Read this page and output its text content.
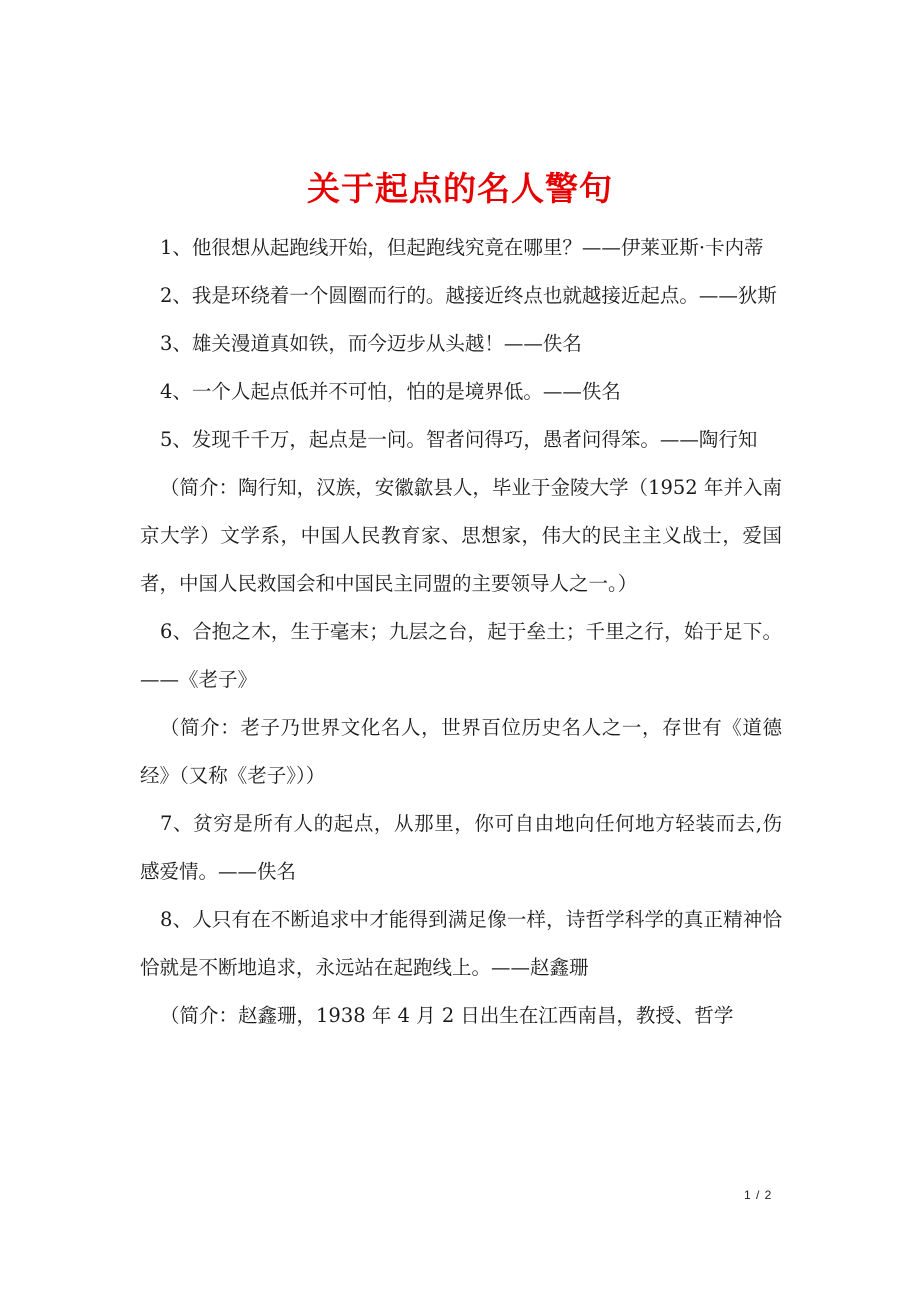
关于起点的名人警句

1、他很想从起跑线开始，但起跑线究竟在哪里？——伊莱亚斯·卡内蒂

2、我是环绕着一个圆圈而行的。越接近终点也就越接近起点。——狄斯

3、雄关漫道真如铁，而今迈步从头越！——佚名

4、一个人起点低并不可怕，怕的是境界低。——佚名

5、发现千千万，起点是一问。智者问得巧，愚者问得笨。——陶行知

（简介：陶行知，汉族，安徽歙县人，毕业于金陵大学（1952 年并入南京大学）文学系，中国人民教育家、思想家，伟大的民主主义战士，爱国者，中国人民救国会和中国民主同盟的主要领导人之一。）

6、合抱之木，生于毫末；九层之台，起于垒土；千里之行，始于足下。——《老子》

（简介：老子乃世界文化名人，世界百位历史名人之一，存世有《道德经》（又称《老子》））

7、贫穷是所有人的起点，从那里，你可自由地向任何地方轻装而去,伤感爱情。——佚名

8、人只有在不断追求中才能得到满足像一样，诗哲学科学的真正精神恰恰就是不断地追求，永远站在起跑线上。——赵鑫珊

（简介：赵鑫珊，1938 年 4 月 2 日出生在江西南昌，教授、哲学

1 / 2
